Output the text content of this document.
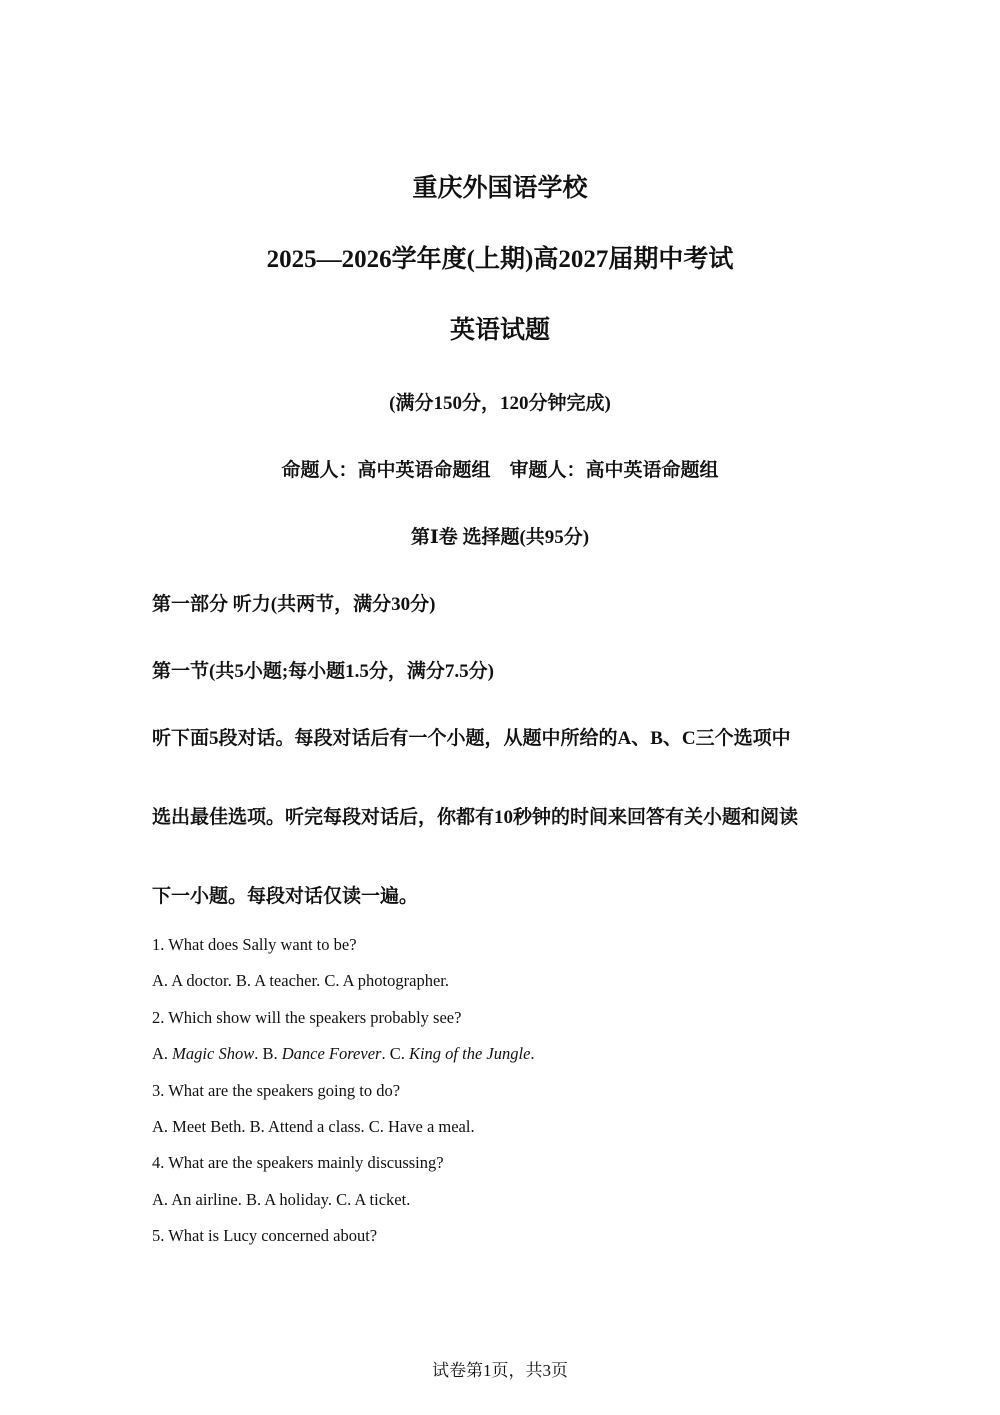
重庆外国语学校
2025—2026学年度(上期)高2027届期中考试
英语试题
(满分150分，120分钟完成)
命题人：高中英语命题组　审题人：高中英语命题组
第Ⅰ卷 选择题(共95分)
第一部分 听力(共两节，满分30分)
第一节(共5小题;每小题1.5分，满分7.5分)
听下面5段对话。每段对话后有一个小题，从题中所给的A、B、C三个选项中
选出最佳选项。听完每段对话后，你都有10秒钟的时间来回答有关小题和阅读
下一小题。每段对话仅读一遍。
1. What does Sally want to be?
A. A doctor. B. A teacher. C. A photographer.
2. Which show will the speakers probably see?
A. Magic Show. B. Dance Forever. C. King of the Jungle.
3. What are the speakers going to do?
A. Meet Beth. B. Attend a class. C. Have a meal.
4. What are the speakers mainly discussing?
A. An airline. B. A holiday. C. A ticket.
5. What is Lucy concerned about?
试卷第1页，共3页
